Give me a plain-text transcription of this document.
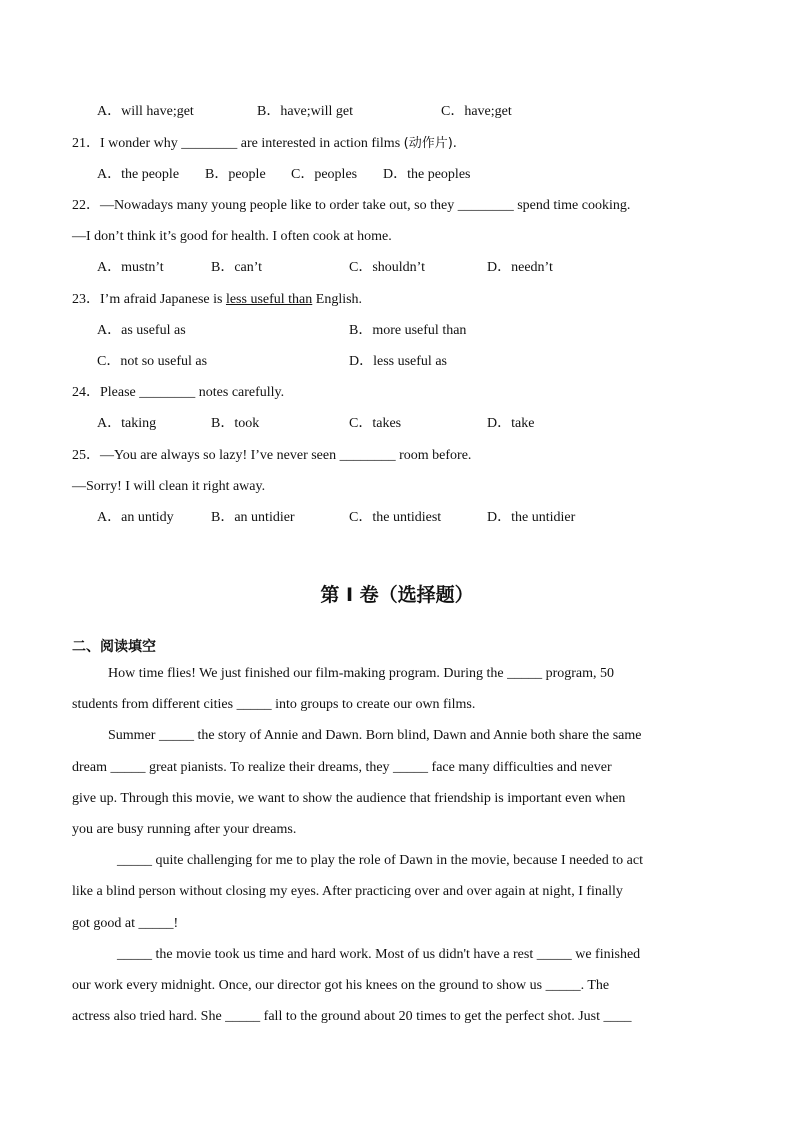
A．will have;get	B．have;will get	C．have;get
21．I wonder why ________ are interested in action films (动作片).
A．the people B．people C．peoples D．the peoples
22．—Nowadays many young people like to order take out, so they ________ spend time cooking.
—I don’t think it’s good for health. I often cook at home.
A．mustn’t	B．can’t	C．shouldn’t	D．needn’t
23．I’m afraid Japanese is less useful than English.
A．as useful as	B．more useful than
C．not so useful as	D．less useful as
24．Please ________ notes carefully.
A．taking	B．took	C．takes	D．take
25．—You are always so lazy! I’ve never seen ________ room before.
—Sorry! I will clean it right away.
A．an untidy	B．an untidier	C．the untidiest	D．the untidier
第 I 卷（选择题）
二、阅读填空
How time flies! We just finished our film-making program. During the _____ program, 50
students from different cities _____ into groups to create our own films.
Summer _____ the story of Annie and Dawn. Born blind, Dawn and Annie both share the same
dream _____ great pianists. To realize their dreams, they _____ face many difficulties and never
give up. Through this movie, we want to show the audience that friendship is important even when
you are busy running after your dreams.
_____ quite challenging for me to play the role of Dawn in the movie, because I needed to act
like a blind person without closing my eyes. After practicing over and over again at night, I finally
got good at _____!
_____ the movie took us time and hard work. Most of us didn't have a rest _____ we finished
our work every midnight. Once, our director got his knees on the ground to show us _____. The
actress also tried hard. She _____ fall to the ground about 20 times to get the perfect shot. Just ____
